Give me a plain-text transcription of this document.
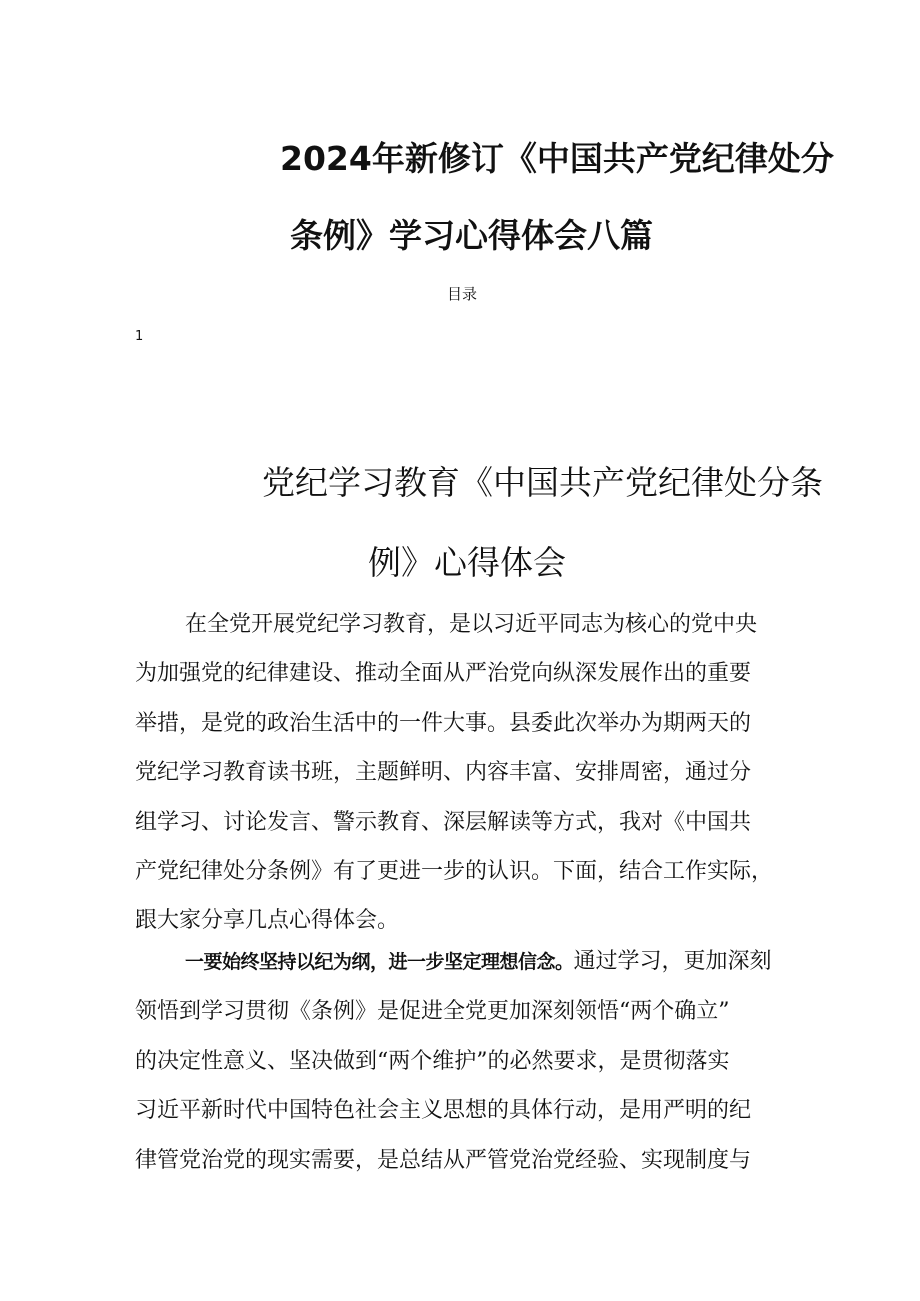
2024年新修订《中国共产党纪律处分
条例》学习心得体会八篇
目录
1
党纪学习教育《中国共产党纪律处分条
例》心得体会
在全党开展党纪学习教育，是以习近平同志为核心的党中央
为加强党的纪律建设、推动全面从严治党向纵深发展作出的重要
举措，是党的政治生活中的一件大事。县委此次举办为期两天的
党纪学习教育读书班，主题鲜明、内容丰富、安排周密，通过分
组学习、讨论发言、警示教育、深层解读等方式，我对《中国共
产党纪律处分条例》有了更进一步的认识。下面，结合工作实际，
跟大家分享几点心得体会。
一要始终坚持以纪为纲，进一步坚定理想信念。通过学习，更加深刻
领悟到学习贯彻《条例》是促进全党更加深刻领悟“两个确立”
的决定性意义、坚决做到“两个维护”的必然要求，是贯彻落实
习近平新时代中国特色社会主义思想的具体行动，是用严明的纪
律管党治党的现实需要，是总结从严管党治党经验、实现制度与
